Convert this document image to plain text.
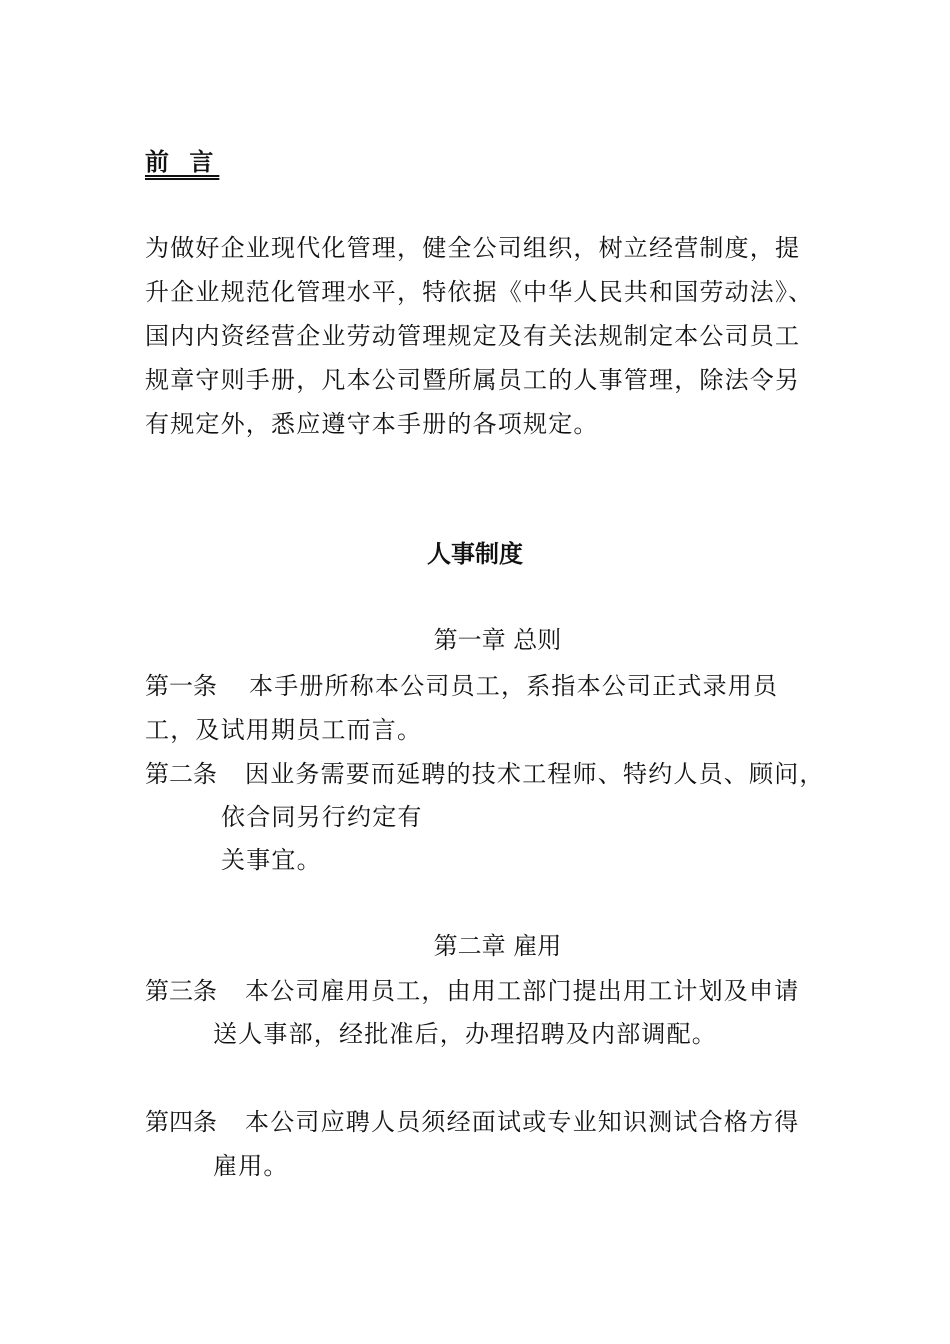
前 言
为做好企业现代化管理，健全公司组织，树立经营制度，提
升企业规范化管理水平，特依据《中华人民共和国劳动法》、
国内内资经营企业劳动管理规定及有关法规制定本公司员工
规章守则手册，凡本公司暨所属员工的人事管理，除法令另
有规定外，悉应遵守本手册的各项规定。
人事制度
第一章 总则
第一条 本手册所称本公司员工，系指本公司正式录用员
工，及试用期员工而言。
第二条 因业务需要而延聘的技术工程师、特约人员、顾问，
依合同另行约定有
关事宜。
第二章 雇用
第三条 本公司雇用员工，由用工部门提出用工计划及申请
送人事部，经批准后，办理招聘及内部调配。
第四条 本公司应聘人员须经面试或专业知识测试合格方得
雇用。
